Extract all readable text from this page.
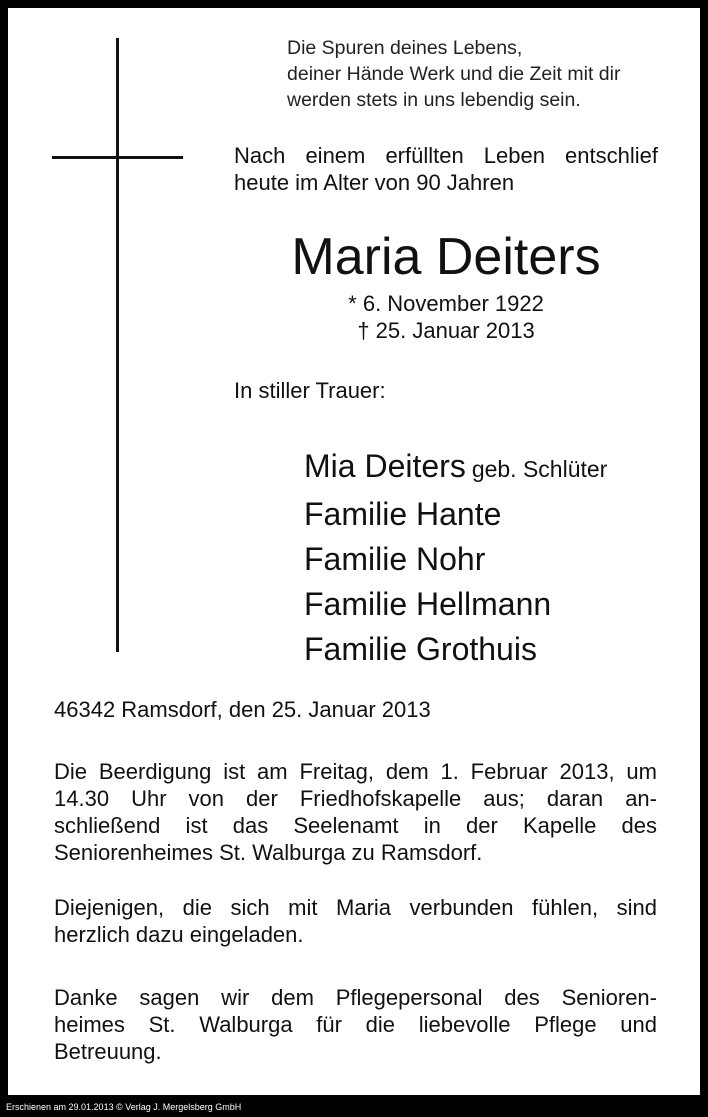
Die Spuren deines Lebens,
deiner Hände Werk und die Zeit mit dir
werden stets in uns lebendig sein.
Nach einem erfüllten Leben entschlief
heute im Alter von 90 Jahren
Maria Deiters
* 6. November 1922
† 25. Januar 2013
In stiller Trauer:
Mia Deiters geb. Schlüter
Familie Hante
Familie Nohr
Familie Hellmann
Familie Grothuis
46342 Ramsdorf, den 25. Januar 2013
Die Beerdigung ist am Freitag, dem 1. Februar 2013, um
14.30 Uhr von der Friedhofskapelle aus; daran an-
schließend ist das Seelenamt in der Kapelle des
Seniorenheimes St. Walburga zu Ramsdorf.
Diejenigen, die sich mit Maria verbunden fühlen, sind
herzlich dazu eingeladen.
Danke sagen wir dem Pflegepersonal des Senioren-
heimes St. Walburga für die liebevolle Pflege und
Betreuung.
Erschienen am 29.01.2013 © Verlag J. Mergelsberg GmbH
